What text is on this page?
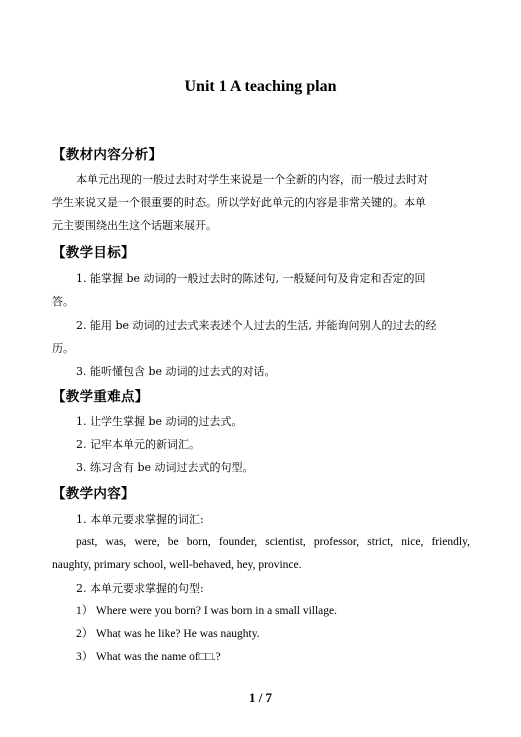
Unit 1 A teaching plan
【教材内容分析】
本单元出现的一般过去时对学生来说是一个全新的内容，而一般过去时对
学生来说又是一个很重要的时态。所以学好此单元的内容是非常关键的。本单
元主要围绕出生这个话题来展开。
【教学目标】
1. 能掌握 be 动词的一般过去时的陈述句, 一般疑问句及肯定和否定的回
答。
2. 能用 be 动词的过去式来表述个人过去的生活, 并能询问别人的过去的经
历。
3. 能听懂包含 be 动词的过去式的对话。
【教学重难点】
1. 让学生掌握 be 动词的过去式。
2. 记牢本单元的新词汇。
3. 练习含有 be 动词过去式的句型。
【教学内容】
1. 本单元要求掌握的词汇:
past, was, were, be born, founder, scientist, professor, strict, nice, friendly,
naughty, primary school, well-behaved, hey, province.
2. 本单元要求掌握的句型:
1） Where were you born? I was born in a small village.
2） What was he like? He was naughty.
3） What was the name of□□.?
1 / 7
